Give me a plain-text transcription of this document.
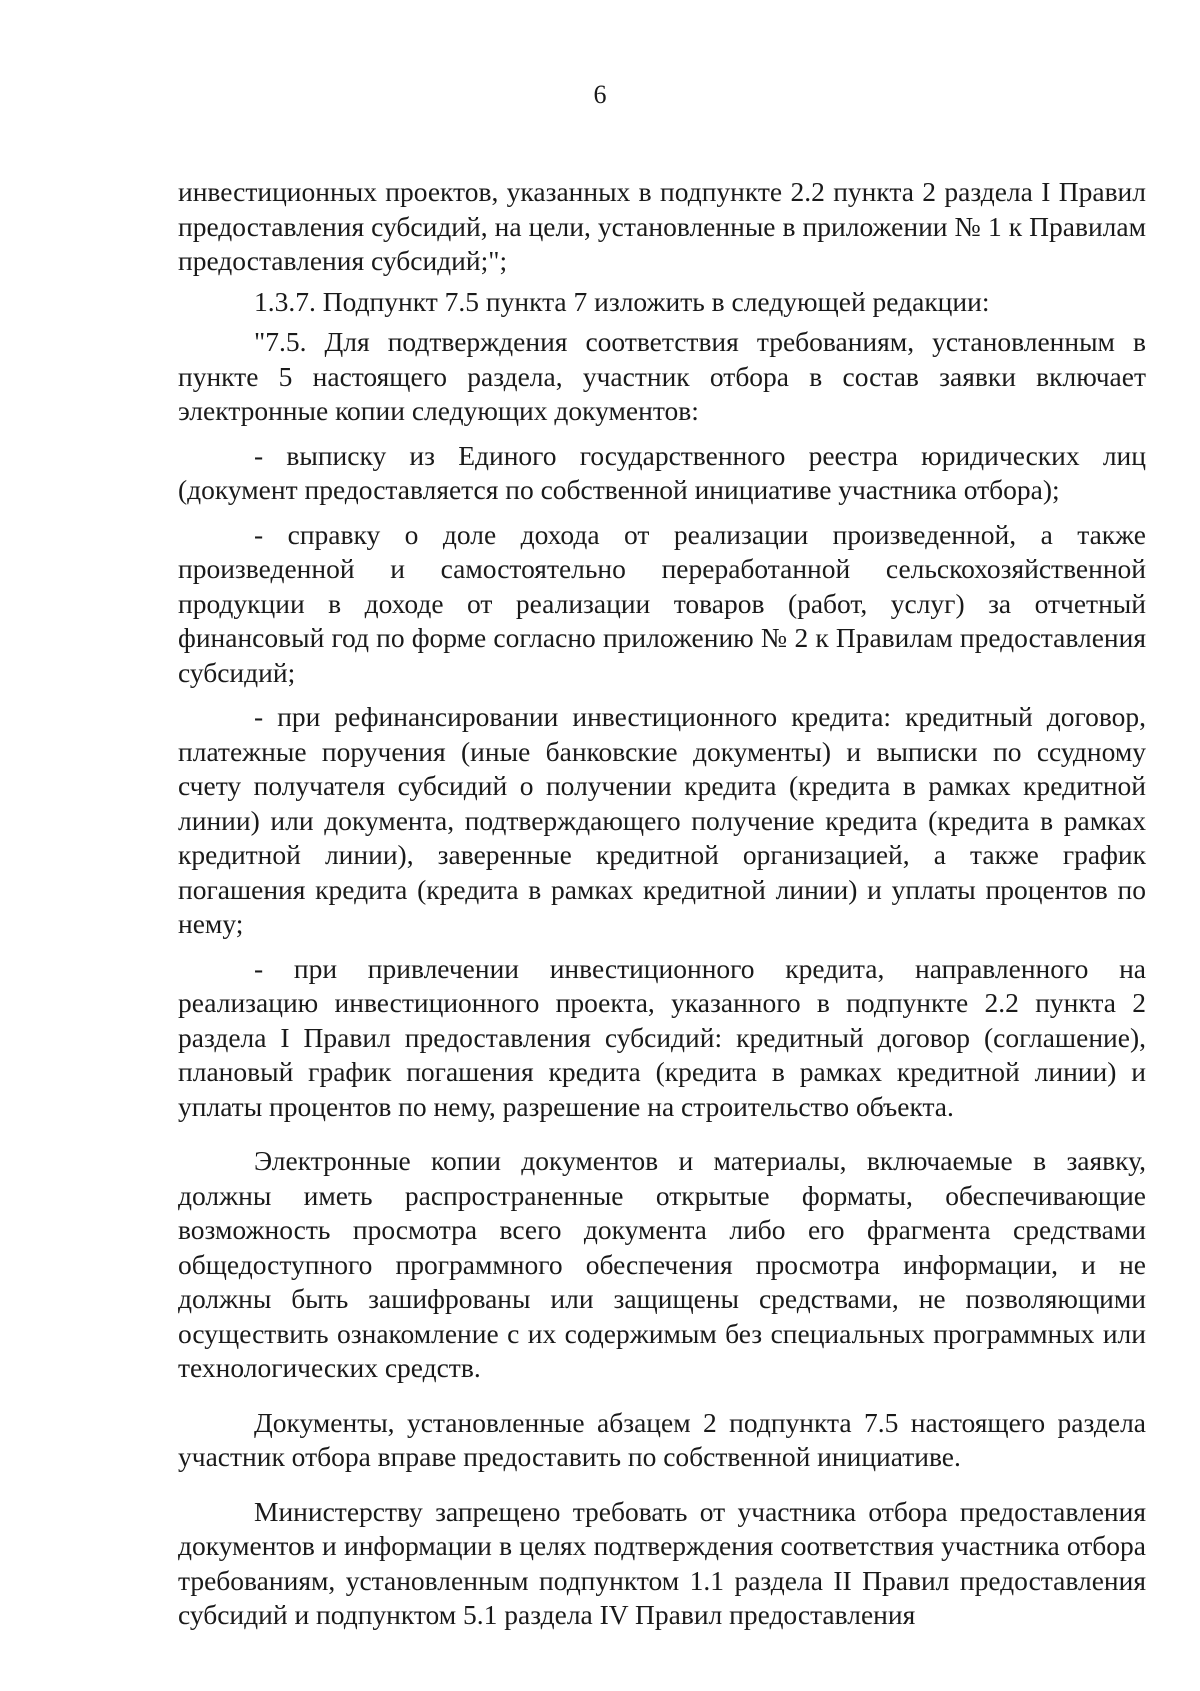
6

инвестиционных проектов, указанных в подпункте 2.2 пункта 2 раздела I Правил предоставления субсидий, на цели, установленные в приложении № 1 к Правилам предоставления субсидий;";

1.3.7. Подпункт 7.5 пункта 7 изложить в следующей редакции:

"7.5. Для подтверждения соответствия требованиям, установленным в пункте 5 настоящего раздела, участник отбора в состав заявки включает электронные копии следующих документов:

- выписку из Единого государственного реестра юридических лиц (документ предоставляется по собственной инициативе участника отбора);

- справку о доле дохода от реализации произведенной, а также произведенной и самостоятельно переработанной сельскохозяйственной продукции в доходе от реализации товаров (работ, услуг) за отчетный финансовый год по форме согласно приложению № 2 к Правилам предоставления субсидий;

- при рефинансировании инвестиционного кредита: кредитный договор, платежные поручения (иные банковские документы) и выписки по ссудному счету получателя субсидий о получении кредита (кредита в рамках кредитной линии) или документа, подтверждающего получение кредита (кредита в рамках кредитной линии), заверенные кредитной организацией, а также график погашения кредита (кредита в рамках кредитной линии) и уплаты процентов по нему;

- при привлечении инвестиционного кредита, направленного на реализацию инвестиционного проекта, указанного в подпункте 2.2 пункта 2 раздела I Правил предоставления субсидий: кредитный договор (соглашение), плановый график погашения кредита (кредита в рамках кредитной линии) и уплаты процентов по нему, разрешение на строительство объекта.

Электронные копии документов и материалы, включаемые в заявку, должны иметь распространенные открытые форматы, обеспечивающие возможность просмотра всего документа либо его фрагмента средствами общедоступного программного обеспечения просмотра информации, и не должны быть зашифрованы или защищены средствами, не позволяющими осуществить ознакомление с их содержимым без специальных программных или технологических средств.

Документы, установленные абзацем 2 подпункта 7.5 настоящего раздела участник отбора вправе предоставить по собственной инициативе.

Министерству запрещено требовать от участника отбора предоставления документов и информации в целях подтверждения соответствия участника отбора требованиям, установленным подпунктом 1.1 раздела II Правил предоставления субсидий и подпунктом 5.1 раздела IV Правил предоставления
